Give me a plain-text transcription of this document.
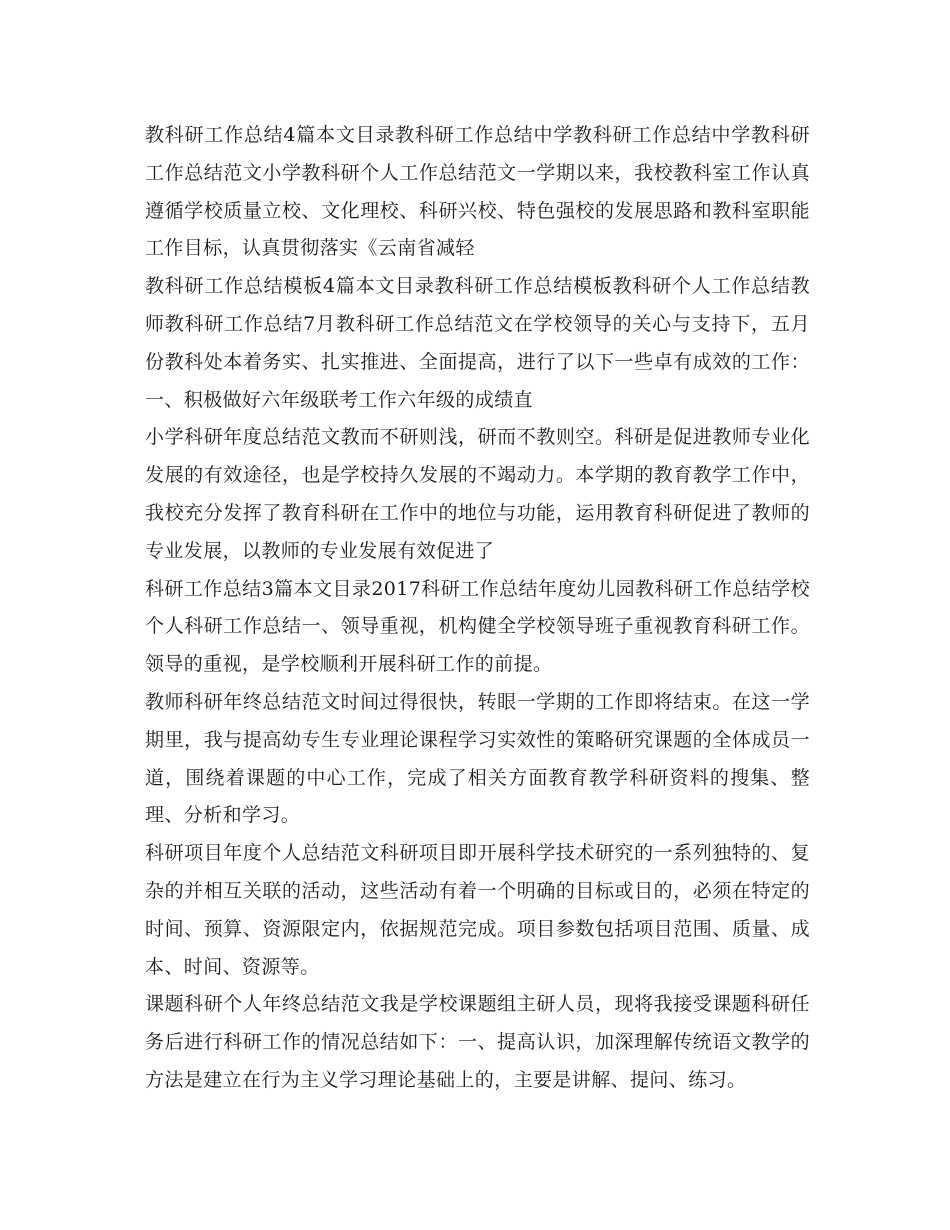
教科研工作总结4篇本文目录教科研工作总结中学教科研工作总结中学教科研工作总结范文小学教科研个人工作总结范文一学期以来，我校教科室工作认真遵循学校质量立校、文化理校、科研兴校、特色强校的发展思路和教科室职能工作目标，认真贯彻落实《云南省减轻

教科研工作总结模板4篇本文目录教科研工作总结模板教科研个人工作总结教师教科研工作总结7月教科研工作总结范文在学校领导的关心与支持下，五月份教科处本着务实、扎实推进、全面提高，进行了以下一些卓有成效的工作：一、积极做好六年级联考工作六年级的成绩直

小学科研年度总结范文教而不研则浅，研而不教则空。科研是促进教师专业化发展的有效途径，也是学校持久发展的不竭动力。本学期的教育教学工作中，我校充分发挥了教育科研在工作中的地位与功能，运用教育科研促进了教师的专业发展，以教师的专业发展有效促进了

科研工作总结3篇本文目录2017科研工作总结年度幼儿园教科研工作总结学校个人科研工作总结一、领导重视，机构健全学校领导班子重视教育科研工作。领导的重视，是学校顺利开展科研工作的前提。

教师科研年终总结范文时间过得很快，转眼一学期的工作即将结束。在这一学期里，我与提高幼专生专业理论课程学习实效性的策略研究课题的全体成员一道，围绕着课题的中心工作，完成了相关方面教育教学科研资料的搜集、整理、分析和学习。

科研项目年度个人总结范文科研项目即开展科学技术研究的一系列独特的、复杂的并相互关联的活动，这些活动有着一个明确的目标或目的，必须在特定的时间、预算、资源限定内，依据规范完成。项目参数包括项目范围、质量、成本、时间、资源等。

课题科研个人年终总结范文我是学校课题组主研人员，现将我接受课题科研任务后进行科研工作的情况总结如下：一、提高认识，加深理解传统语文教学的方法是建立在行为主义学习理论基础上的，主要是讲解、提问、练习。
